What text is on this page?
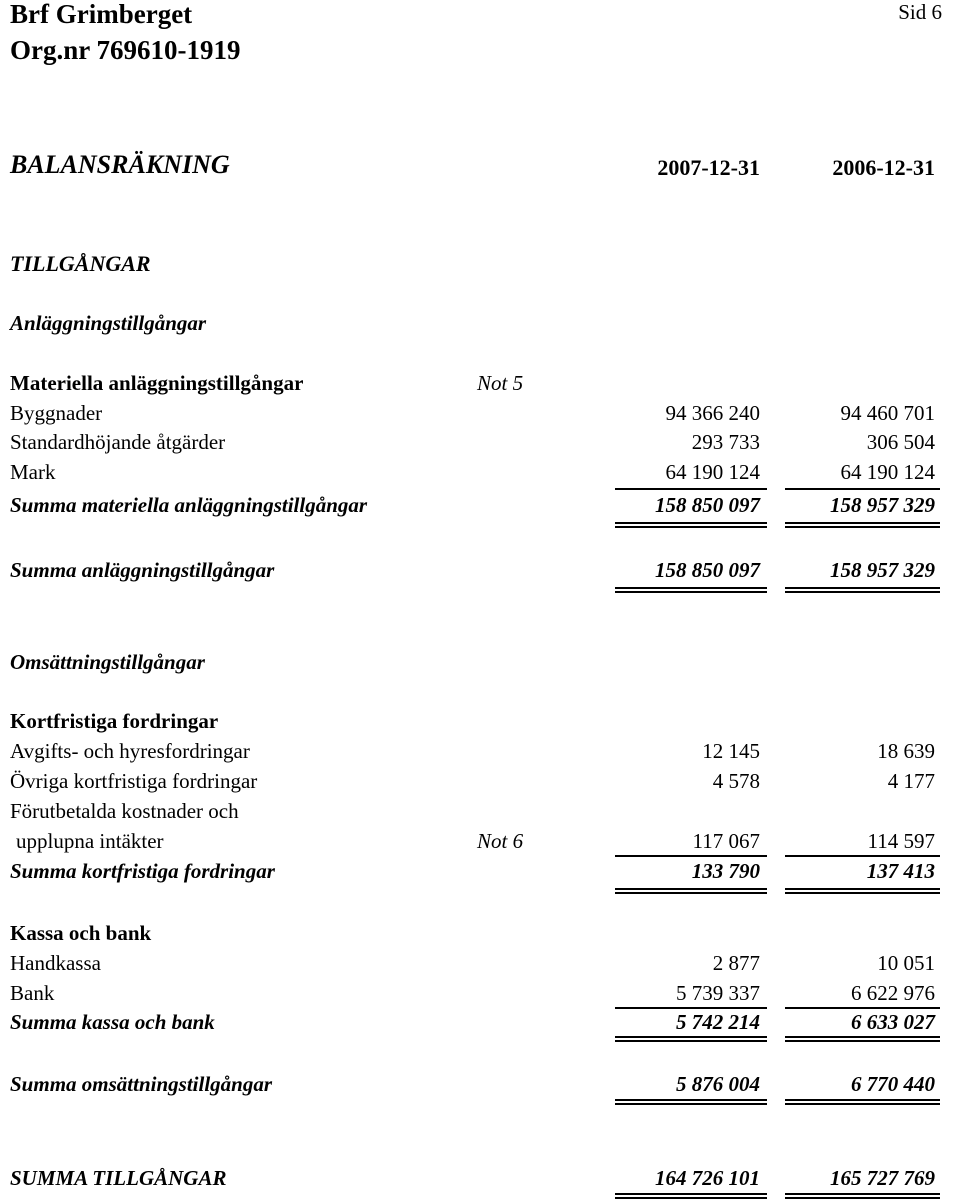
Brf Grimberget
Org.nr 769610-1919
Sid 6
BALANSRÄKNING	2007-12-31	2006-12-31
TILLGÅNGAR
Anläggningstillgångar
Materiella anläggningstillgångar	Not 5
Byggnader	94 366 240	94 460 701
Standardhöjande åtgärder	293 733	306 504
Mark	64 190 124	64 190 124
Summa materiella anläggningstillgångar	158 850 097	158 957 329
Summa anläggningstillgångar	158 850 097	158 957 329
Omsättningstillgångar
Kortfristiga fordringar
Avgifts- och hyresfordringar	12 145	18 639
Övriga kortfristiga fordringar	4 578	4 177
Förutbetalda kostnader och
upplupna intäkter	Not 6	117 067	114 597
Summa kortfristiga fordringar	133 790	137 413
Kassa och bank
Handkassa	2 877	10 051
Bank	5 739 337	6 622 976
Summa kassa och bank	5 742 214	6 633 027
Summa omsättningstillgångar	5 876 004	6 770 440
SUMMA TILLGÅNGAR	164 726 101	165 727 769
